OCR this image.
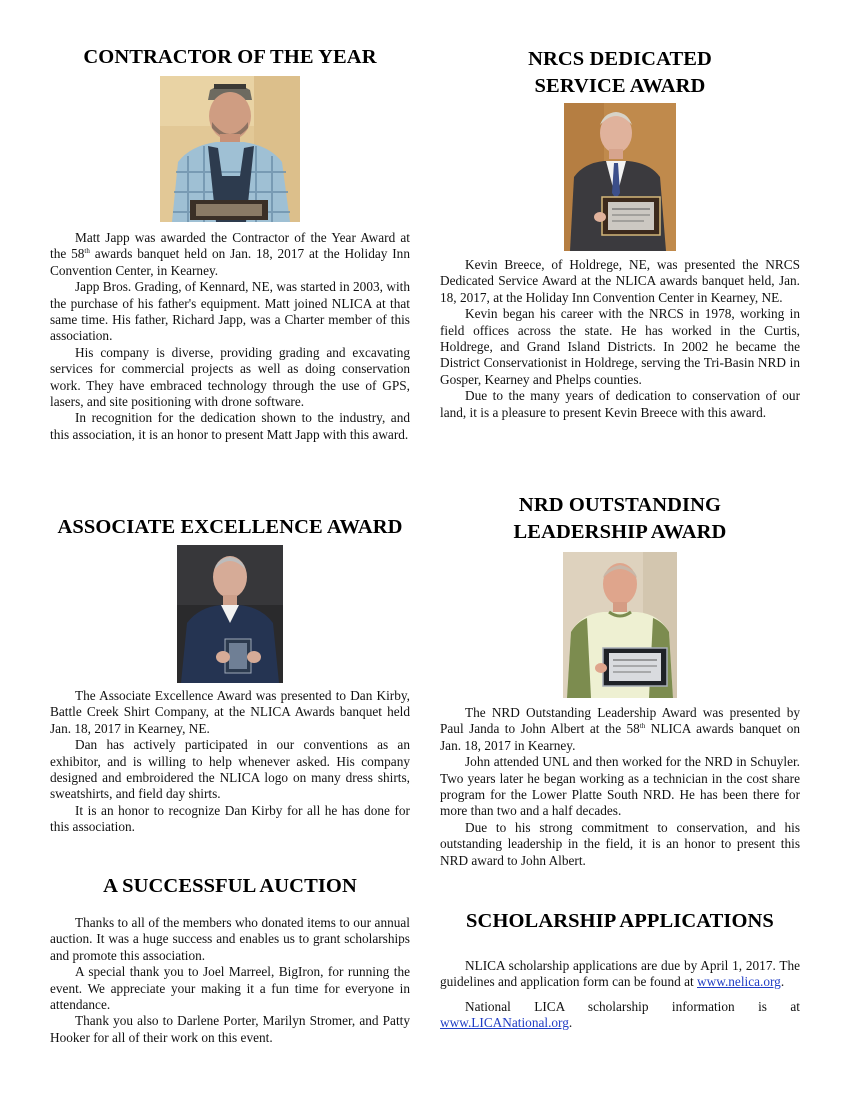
CONTRACTOR OF THE YEAR

Matt Japp was awarded the Contractor of the Year Award at the 58th awards banquet held on Jan. 18, 2017 at the Holiday Inn Convention Center, in Kearney.

Japp Bros. Grading, of Kennard, NE, was started in 2003, with the purchase of his father's equipment. Matt joined NLICA at that same time. His father, Richard Japp, was a Charter member of this association.

His company is diverse, providing grading and excavating services for commercial projects as well as doing conservation work. They have embraced technology through the use of GPS, lasers, and site positioning with drone software.

In recognition for the dedication shown to the industry, and this association, it is an honor to present Matt Japp with this award.

ASSOCIATE EXCELLENCE AWARD

The Associate Excellence Award was presented to Dan Kirby, Battle Creek Shirt Company, at the NLICA Awards banquet held Jan. 18, 2017 in Kearney, NE.

Dan has actively participated in our conventions as an exhibitor, and is willing to help whenever asked. His company designed and embroidered the NLICA logo on many dress shirts, sweatshirts, and field day shirts.

It is an honor to recognize Dan Kirby for all he has done for this association.

A SUCCESSFUL AUCTION

Thanks to all of the members who donated items to our annual auction. It was a huge success and enables us to grant scholarships and promote this association.

A special thank you to Joel Marreel, BigIron, for running the event. We appreciate your making it a fun time for everyone in attendance.

Thank you also to Darlene Porter, Marilyn Stromer, and Patty Hooker for all of their work on this event.

NRCS DEDICATED
SERVICE AWARD

Kevin Breece, of Holdrege, NE, was presented the NRCS Dedicated Service Award at the NLICA awards banquet held, Jan. 18, 2017, at the Holiday Inn Convention Center in Kearney, NE.

Kevin began his career with the NRCS in 1978, working in field offices across the state. He has worked in the Curtis, Holdrege, and Grand Island Districts. In 2002 he became the District Conservationist in Holdrege, serving the Tri-Basin NRD in Gosper, Kearney and Phelps counties.

Due to the many years of dedication to conservation of our land, it is a pleasure to present Kevin Breece with this award.

NRD OUTSTANDING
LEADERSHIP AWARD

The NRD Outstanding Leadership Award was presented by Paul Janda to John Albert at the 58th NLICA awards banquet on Jan. 18, 2017 in Kearney.

John attended UNL and then worked for the NRD in Schuyler. Two years later he began working as a technician in the cost share program for the Lower Platte South NRD. He has been there for more than two and a half decades.

Due to his strong commitment to conservation, and his outstanding leadership in the field, it is an honor to present this NRD award to John Albert.

SCHOLARSHIP APPLICATIONS

NLICA scholarship applications are due by April 1, 2017. The guidelines and application form can be found at www.nelica.org.

National LICA scholarship information is at www.LICANational.org.
